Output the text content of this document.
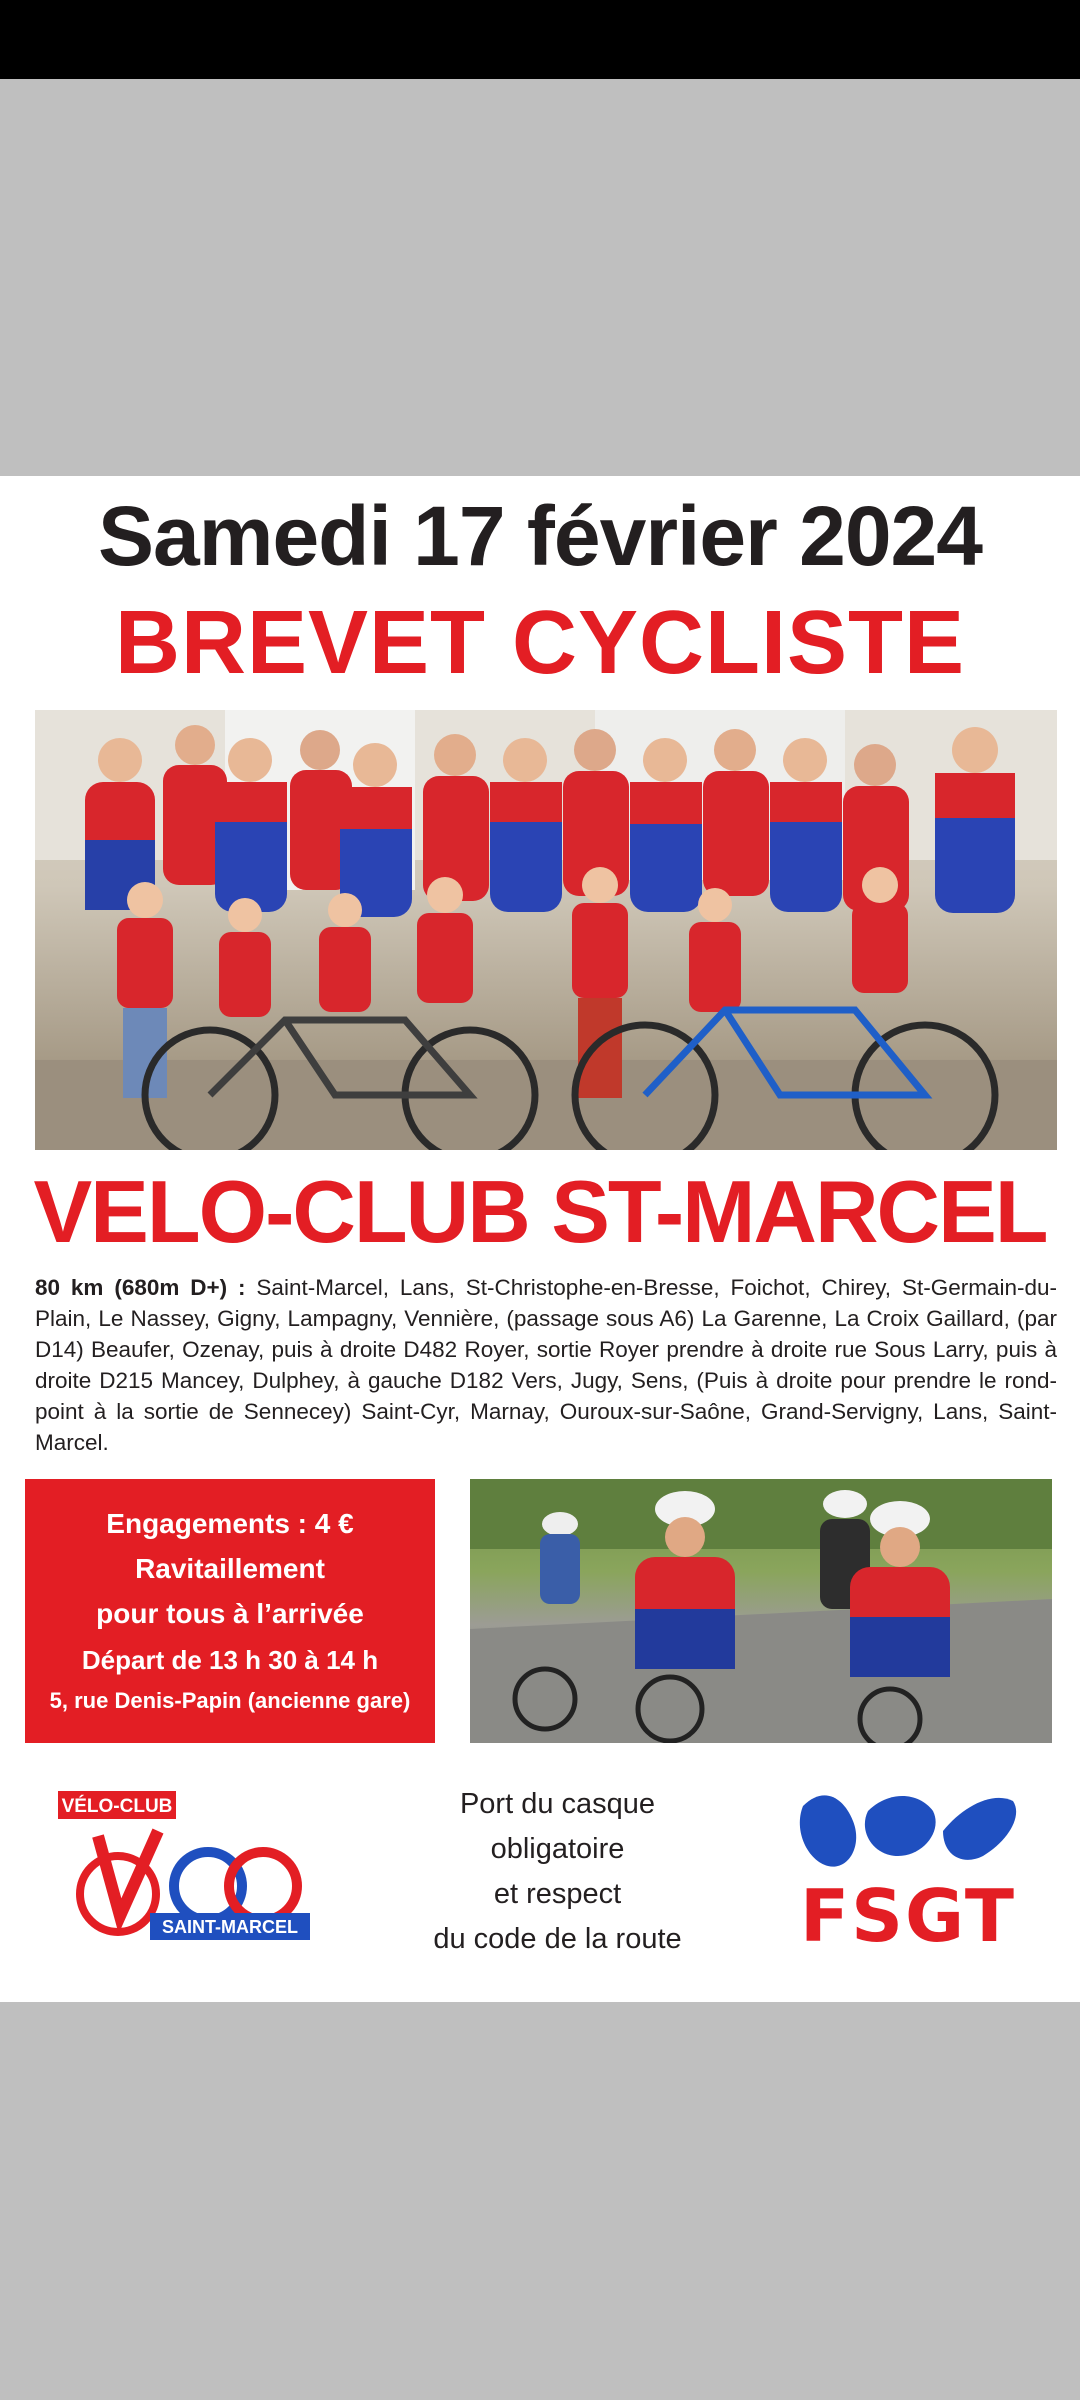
Samedi 17 février 2024
BREVET CYCLISTE
VELO-CLUB ST-MARCEL
80 km (680m D+) : Saint-Marcel, Lans, St-Christophe-en-Bresse, Foichot, Chirey, St-Germain-du-Plain, Le Nassey, Gigny, Lampagny, Vennière, (passage sous A6) La Garenne, La Croix Gaillard, (par D14) Beaufer, Ozenay, puis à droite D482 Royer, sortie Royer prendre à droite rue Sous Larry, puis à droite D215 Mancey, Dulphey, à gauche D182 Vers, Jugy, Sens, (Puis à droite pour prendre le rond-point à la sortie de Sennecey) Saint-Cyr, Marnay, Ouroux-sur-Saône, Grand-Servigny, Lans, Saint-Marcel.
Engagements : 4 €
Ravitaillement
pour tous à l’arrivée
Départ de 13 h 30 à 14 h
5, rue Denis-Papin (ancienne gare)
VÉLO-CLUB
SAINT-MARCEL
Port du casque
obligatoire
et respect
du code de la route	FSGT
